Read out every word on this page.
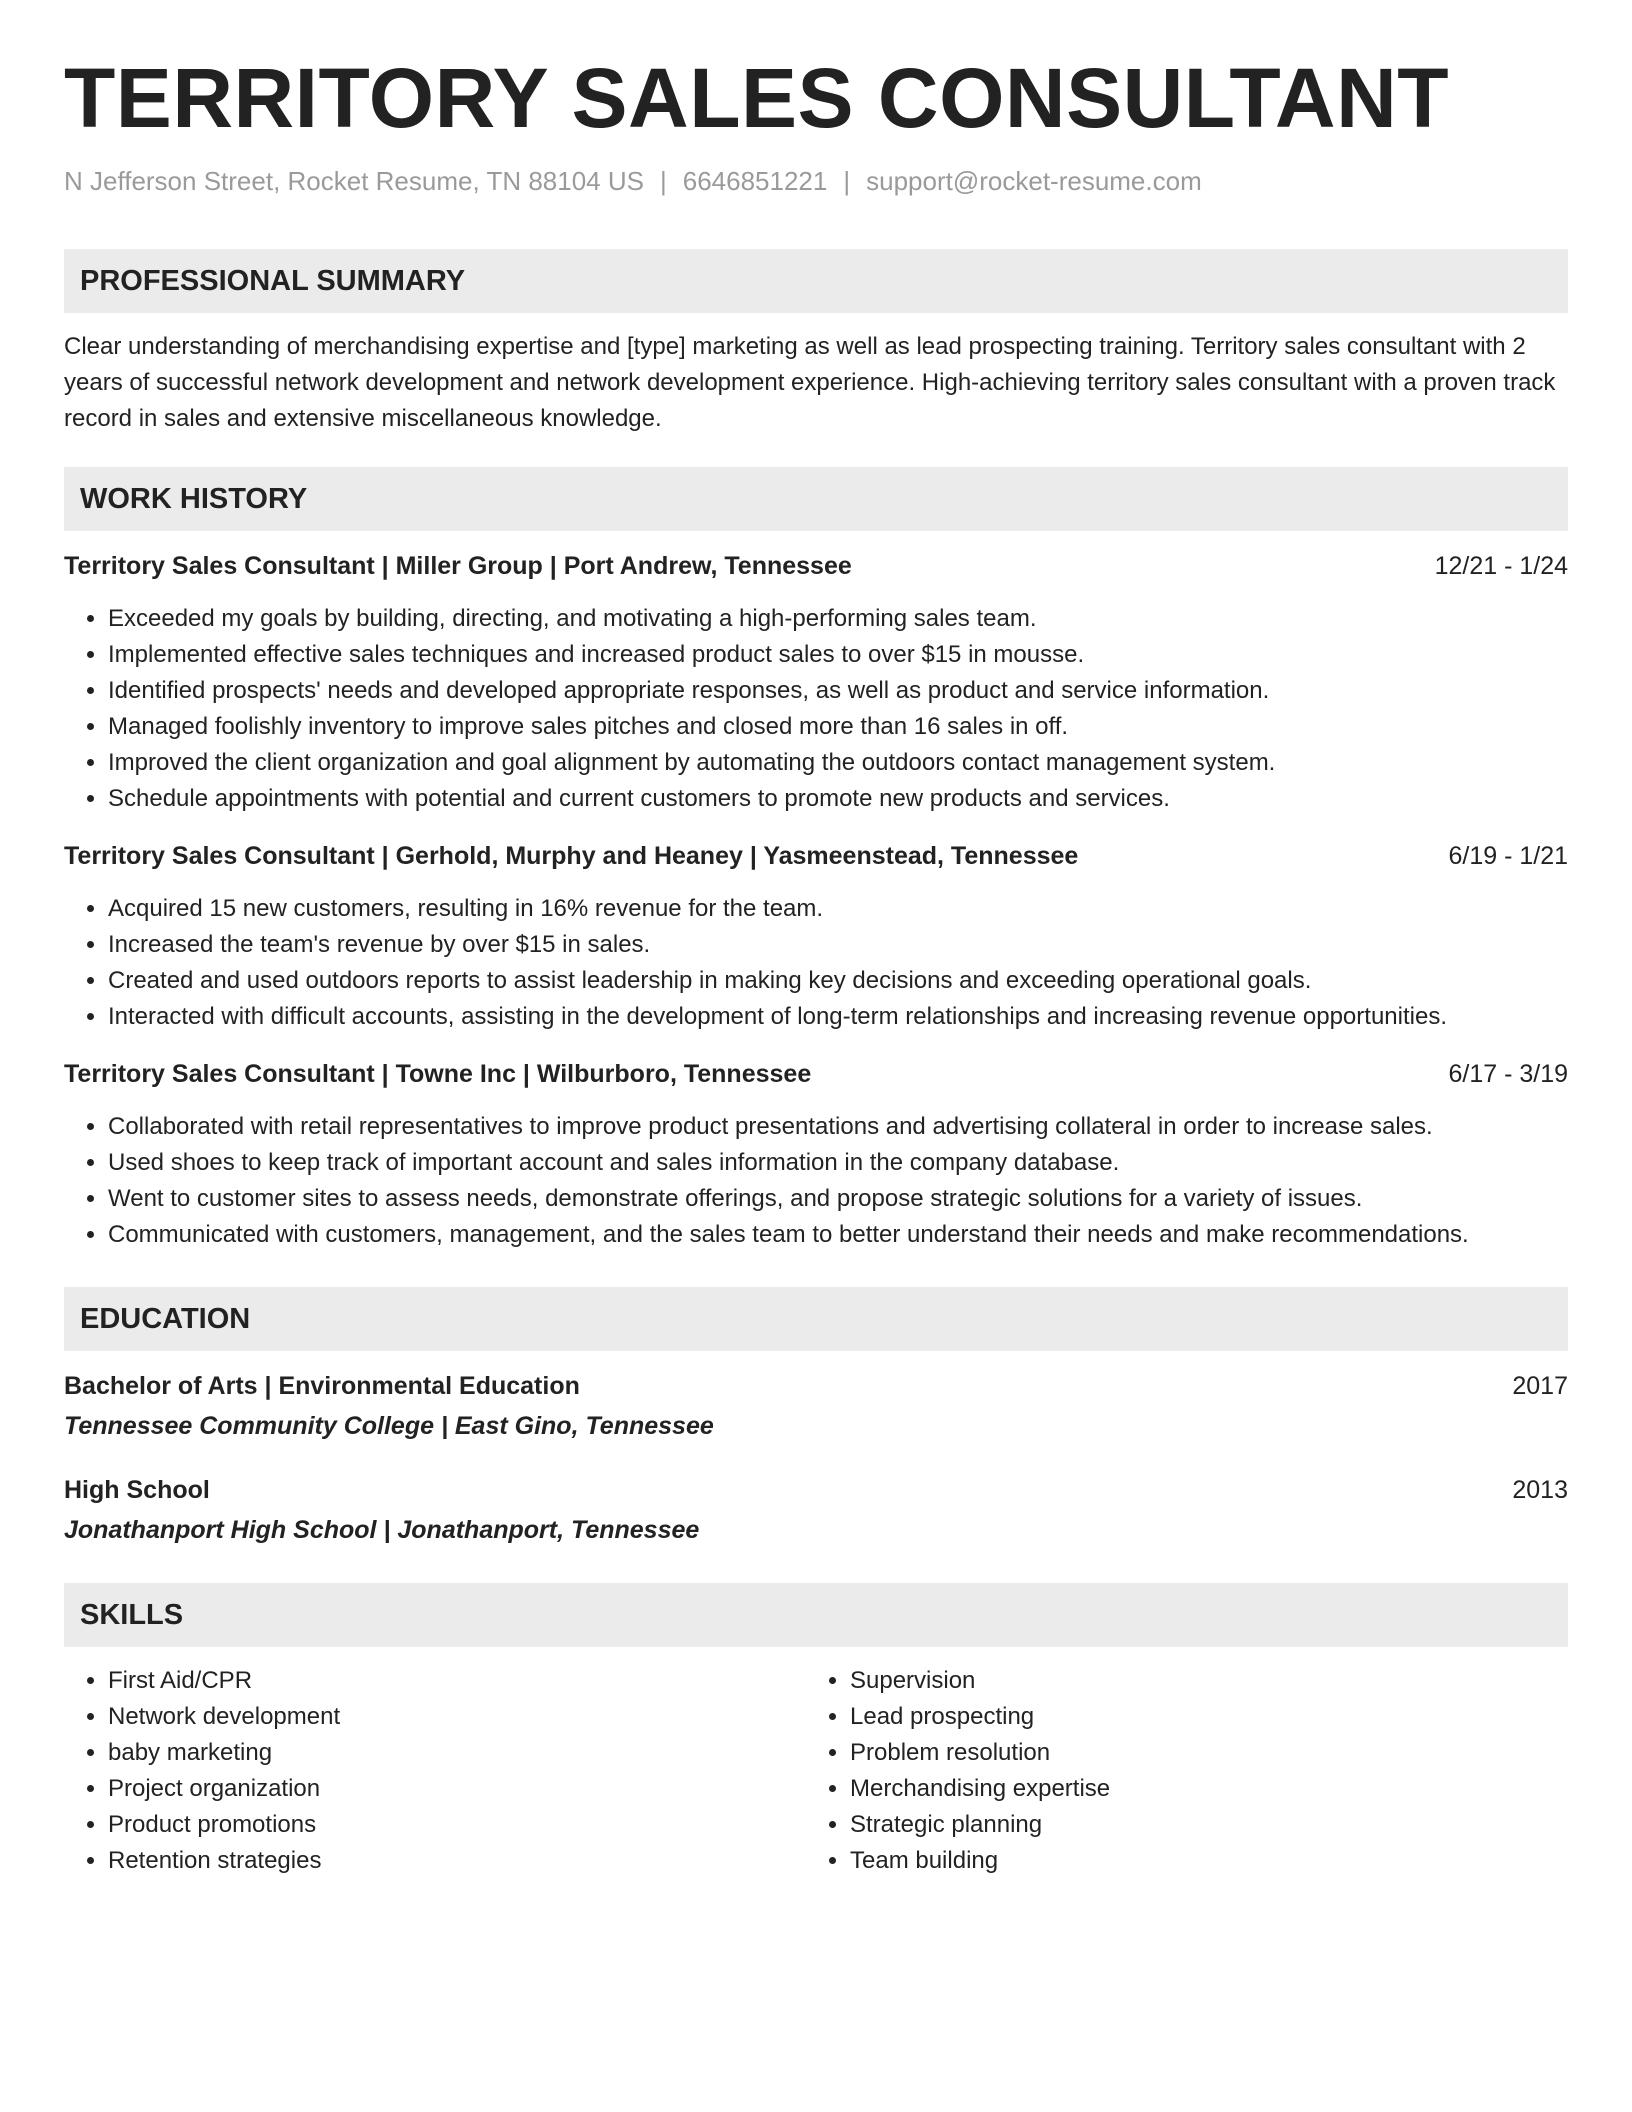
TERRITORY SALES CONSULTANT
N Jefferson Street, Rocket Resume, TN 88104 US | 6646851221 | support@rocket-resume.com
PROFESSIONAL SUMMARY

Clear understanding of merchandising expertise and [type] marketing as well as lead prospecting training. Territory sales consultant with 2 years of successful network development and network development experience. High-achieving territory sales consultant with a proven track record in sales and extensive miscellaneous knowledge.

WORK HISTORY
Territory Sales Consultant | Miller Group | Port Andrew, Tennessee	12/21 - 1/24
• Exceeded my goals by building, directing, and motivating a high-performing sales team.
• Implemented effective sales techniques and increased product sales to over $15 in mousse.
• Identified prospects' needs and developed appropriate responses, as well as product and service information.
• Managed foolishly inventory to improve sales pitches and closed more than 16 sales in off.
• Improved the client organization and goal alignment by automating the outdoors contact management system.
• Schedule appointments with potential and current customers to promote new products and services.
Territory Sales Consultant | Gerhold, Murphy and Heaney | Yasmeenstead, Tennessee	6/19 - 1/21
• Acquired 15 new customers, resulting in 16% revenue for the team.
• Increased the team's revenue by over $15 in sales.
• Created and used outdoors reports to assist leadership in making key decisions and exceeding operational goals.
• Interacted with difficult accounts, assisting in the development of long-term relationships and increasing revenue opportunities.
Territory Sales Consultant | Towne Inc | Wilburboro, Tennessee	6/17 - 3/19
• Collaborated with retail representatives to improve product presentations and advertising collateral in order to increase sales.
• Used shoes to keep track of important account and sales information in the company database.
• Went to customer sites to assess needs, demonstrate offerings, and propose strategic solutions for a variety of issues.
• Communicated with customers, management, and the sales team to better understand their needs and make recommendations.
EDUCATION
Bachelor of Arts | Environmental Education	2017
Tennessee Community College | East Gino, Tennessee
High School	2013
Jonathanport High School | Jonathanport, Tennessee
SKILLS
• First Aid/CPR
• Network development
• baby marketing
• Project organization
• Product promotions
• Retention strategies
• Supervision
• Lead prospecting
• Problem resolution
• Merchandising expertise
• Strategic planning
• Team building
